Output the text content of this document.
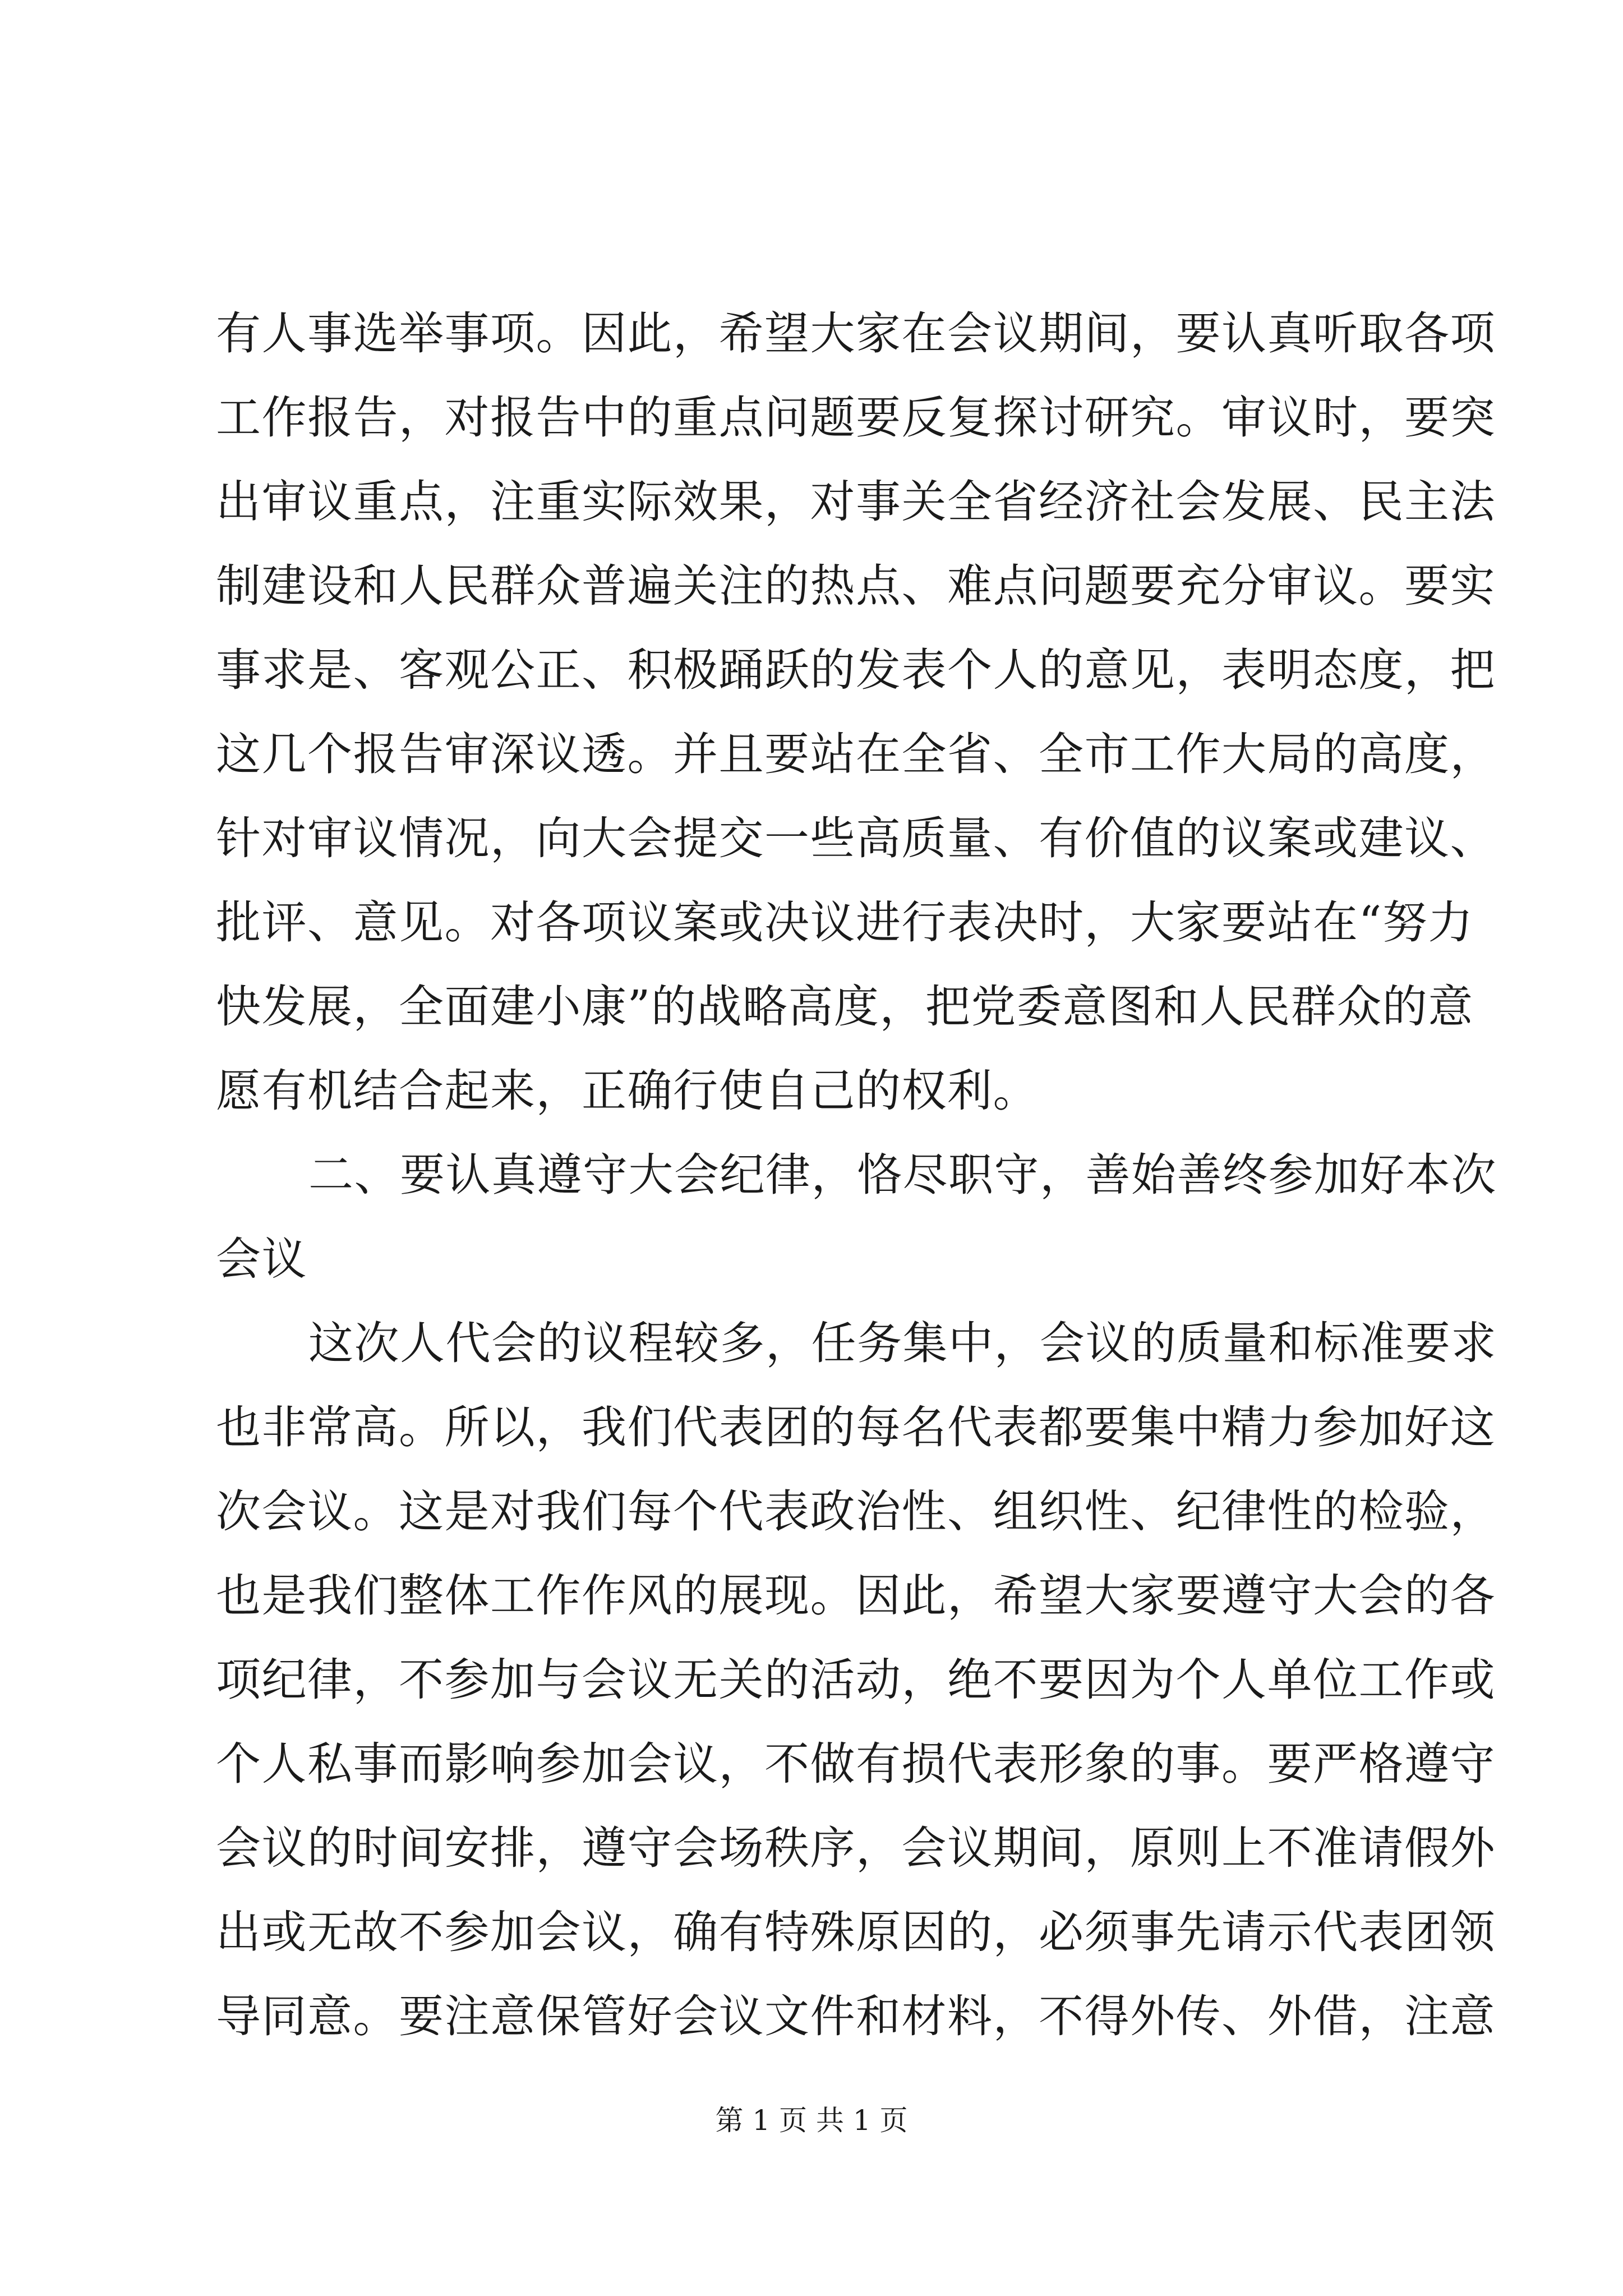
有人事选举事项。因此，希望大家在会议期间，要认真听取各项
工作报告，对报告中的重点问题要反复探讨研究。审议时，要突
出审议重点，注重实际效果，对事关全省经济社会发展、民主法
制建设和人民群众普遍关注的热点、难点问题要充分审议。要实
事求是、客观公正、积极踊跃的发表个人的意见，表明态度，把
这几个报告审深议透。并且要站在全省、全市工作大局的高度，
针对审议情况，向大会提交一些高质量、有价值的议案或建议、
批评、意见。对各项议案或决议进行表决时，大家要站在“努力
快发展，全面建小康”的战略高度，把党委意图和人民群众的意
愿有机结合起来，正确行使自己的权利。
二、要认真遵守大会纪律，恪尽职守，善始善终参加好本次
会议
这次人代会的议程较多，任务集中，会议的质量和标准要求
也非常高。所以，我们代表团的每名代表都要集中精力参加好这
次会议。这是对我们每个代表政治性、组织性、纪律性的检验，
也是我们整体工作作风的展现。因此，希望大家要遵守大会的各
项纪律，不参加与会议无关的活动，绝不要因为个人单位工作或
个人私事而影响参加会议，不做有损代表形象的事。要严格遵守
会议的时间安排，遵守会场秩序，会议期间，原则上不准请假外
出或无故不参加会议，确有特殊原因的，必须事先请示代表团领
导同意。要注意保管好会议文件和材料，不得外传、外借，注意
第 1 页 共 1 页
